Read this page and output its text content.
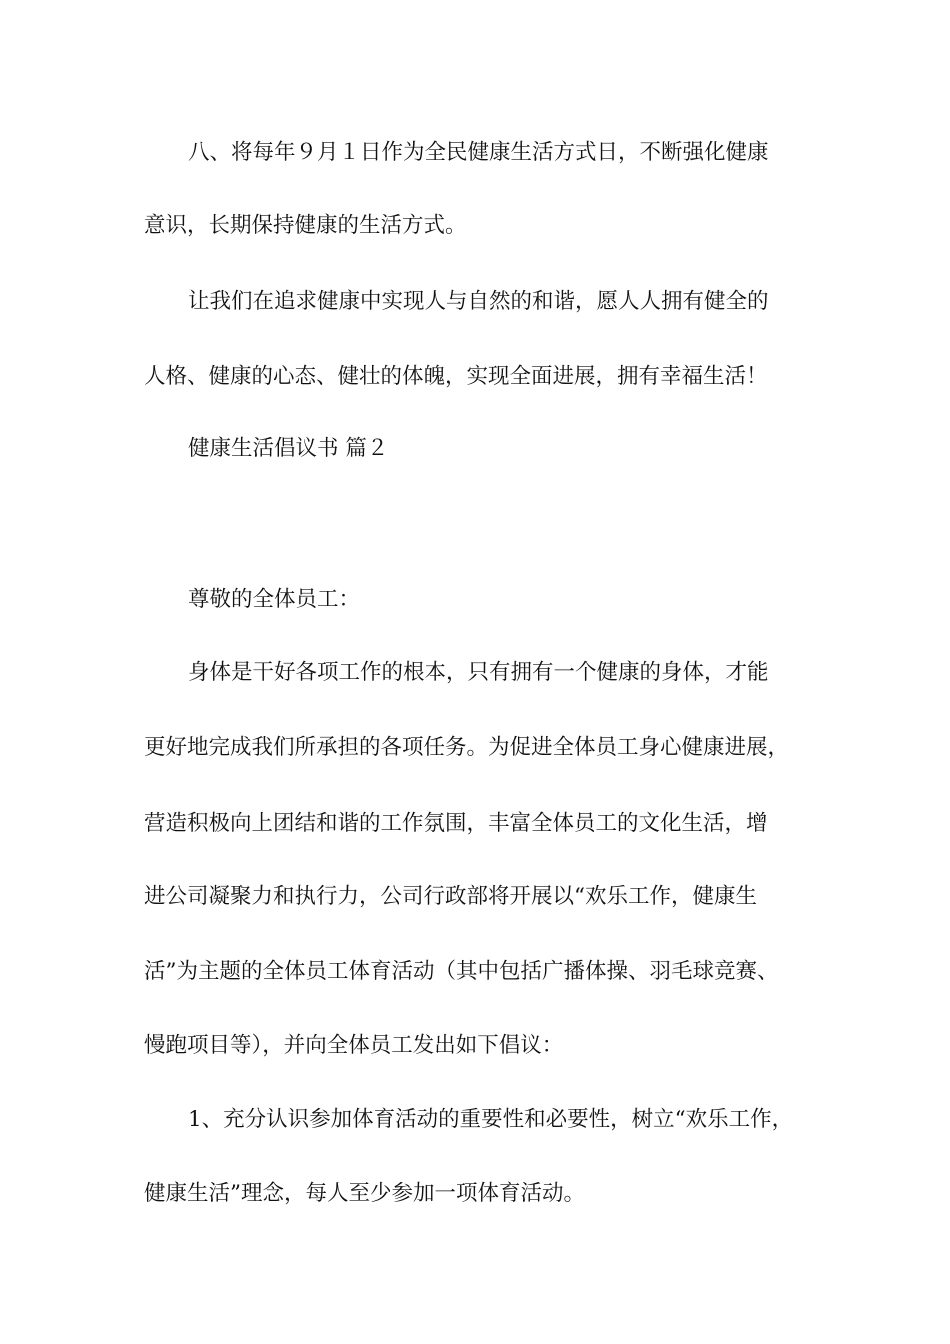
八、将每年９月１日作为全民健康生活方式日，不断强化健康
意识，长期保持健康的生活方式。
让我们在追求健康中实现人与自然的和谐，愿人人拥有健全的
人格、健康的心态、健壮的体魄，实现全面进展，拥有幸福生活！
健康生活倡议书 篇２
尊敬的全体员工：
身体是干好各项工作的根本，只有拥有一个健康的身体，才能
更好地完成我们所承担的各项任务。为促进全体员工身心健康进展，
营造积极向上团结和谐的工作氛围，丰富全体员工的文化生活，增
进公司凝聚力和执行力，公司行政部将开展以“欢乐工作，健康生
活”为主题的全体员工体育活动（其中包括广播体操、羽毛球竞赛、
慢跑项目等），并向全体员工发出如下倡议：
1、充分认识参加体育活动的重要性和必要性，树立“欢乐工作，
健康生活”理念，每人至少参加一项体育活动。
